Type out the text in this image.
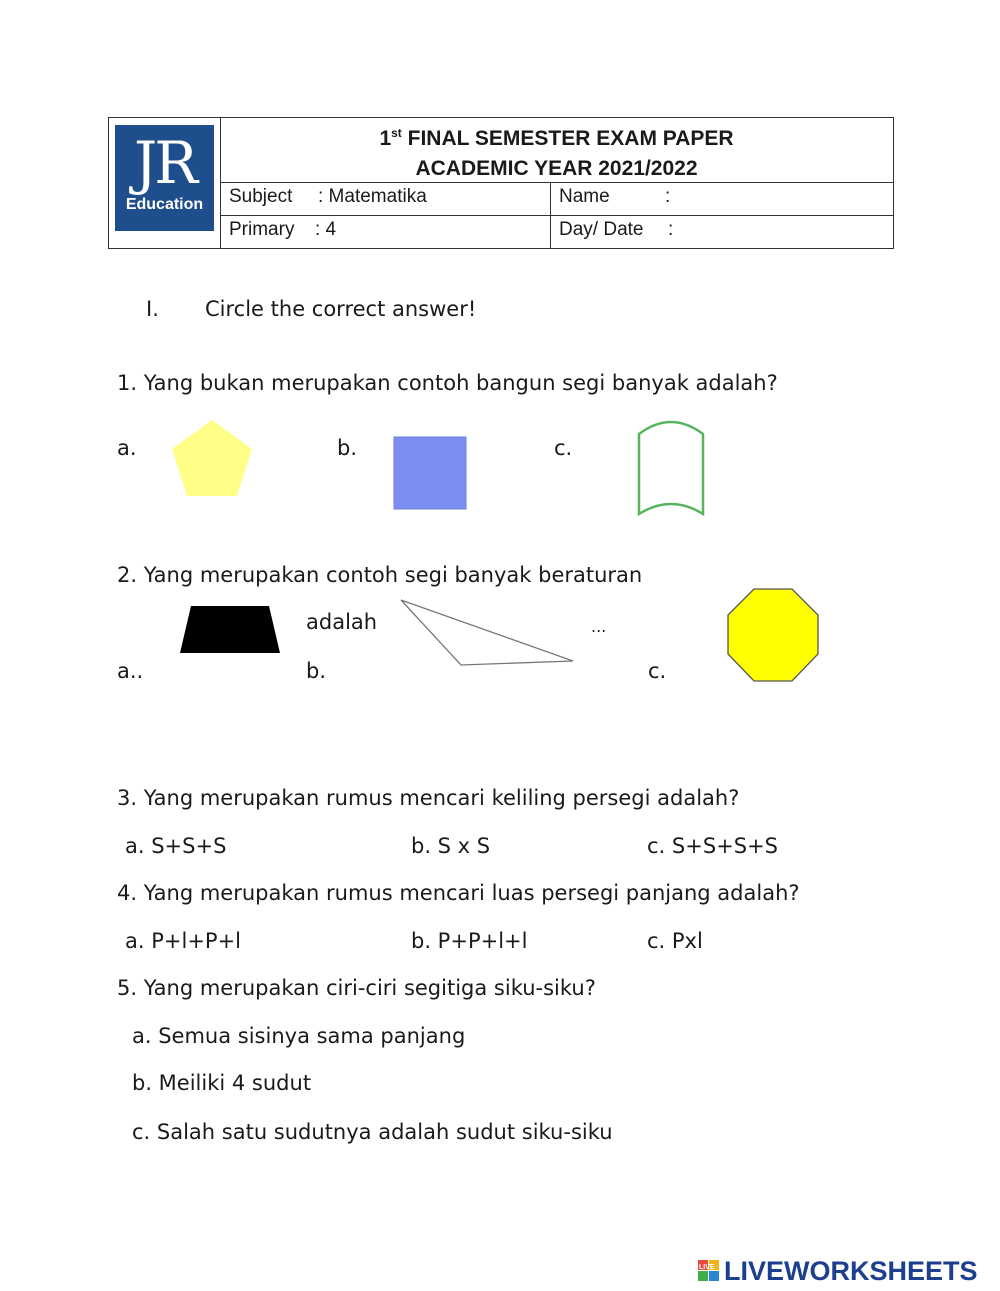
JR
Education
1st FINAL SEMESTER EXAM PAPER
ACADEMIC YEAR 2021/2022
Subject : Matematika	Name	:
Primary : 4	Day/ Date :
I. Circle the correct answer!
1. Yang bukan merupakan contoh bangun segi banyak adalah?
a.	b.	c.
2. Yang merupakan contoh segi banyak beraturan
adalah	...
a..	b.	c.
3. Yang merupakan rumus mencari keliling persegi adalah?
a. S+S+S	b. S x S	c. S+S+S+S
4. Yang merupakan rumus mencari luas persegi panjang adalah?
a. P+l+P+l	b. P+P+l+l	c. Pxl
5. Yang merupakan ciri-ciri segitiga siku-siku?
a. Semua sisinya sama panjang
b. Meiliki 4 sudut
c. Salah satu sudutnya adalah sudut siku-siku
LIVE LIVEWORKSHEETS
